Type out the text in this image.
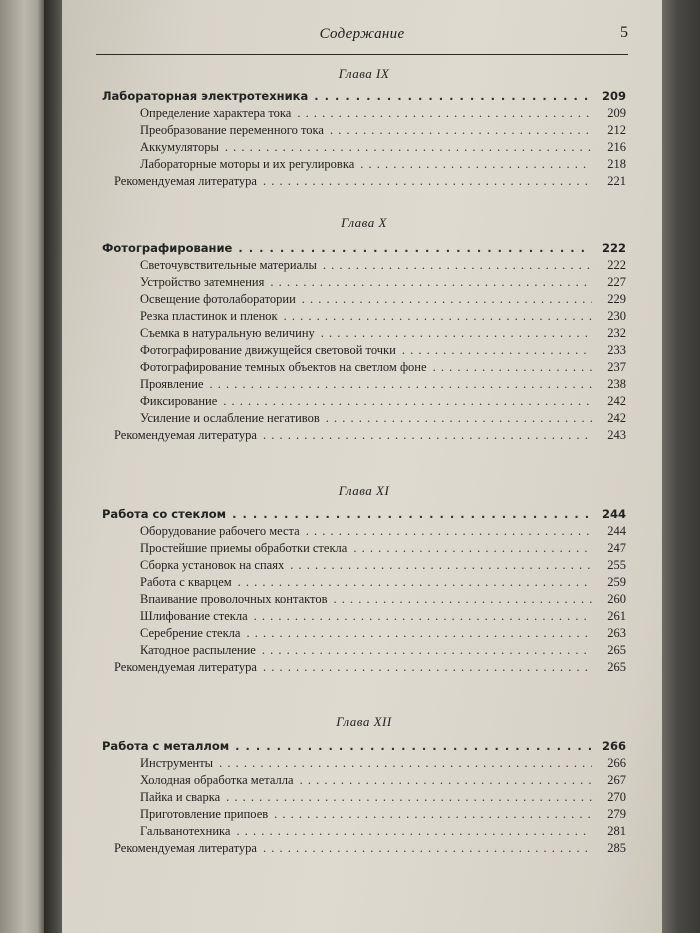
Содержание	5
Глава IX
Лабораторная электротехника . . .	209
Определение характера тока . . .	209
Преобразование переменного тока . . .	212
Аккумуляторы . . .	216
Лабораторные моторы и их регулировка . . .	218
Рекомендуемая литература . . .	221
Глава X
Фотографирование . . .	222
Светочувствительные материалы . . .	222
Устройство затемнения . . .	227
Освещение фотолаборатории . . .	229
Резка пластинок и пленок . . .	230
Съемка в натуральную величину . . .	232
Фотографирование движущейся световой точки . . .	233
Фотографирование темных объектов на светлом фоне . . .	237
Проявление . . .	238
Фиксирование . . .	242
Усиление и ослабление негативов . . .	242
Рекомендуемая литература . . .	243
Глава XI
Работа со стеклом . . .	244
Оборудование рабочего места . . .	244
Простейшие приемы обработки стекла . . .	247
Сборка установок на спаях . . .	255
Работа с кварцем . . .	259
Впаивание проволочных контактов . . .	260
Шлифование стекла . . .	261
Серебрение стекла . . .	263
Катодное распыление . . .	265
Рекомендуемая литература . . .	265
Глава XII
Работа с металлом . . .	266
Инструменты . . .	266
Холодная обработка металла . . .	267
Пайка и сварка . . .	270
Приготовление припоев . . .	279
Гальванотехника . . .	281
Рекомендуемая литература . . .	285
